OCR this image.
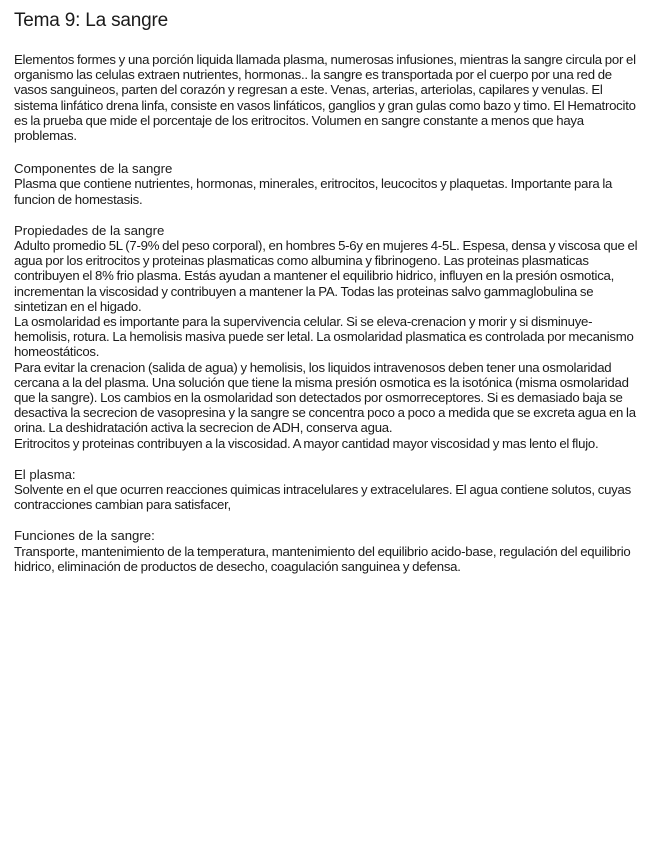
Tema 9: La sangre

Elementos formes y una porción liquida llamada plasma, numerosas infusiones, mientras la sangre circula por el organismo las celulas extraen nutrientes, hormonas.. la sangre es transportada por el cuerpo por una red de vasos sanguineos, parten del corazón y regresan a este. Venas, arterias, arteriolas, capilares y venulas. El sistema linfático drena linfa, consiste en vasos linfáticos, ganglios y gran gulas como bazo y timo. El Hematrocito es la prueba que mide el porcentaje de los eritrocitos. Volumen en sangre constante a menos que haya problemas.

Componentes de la sangre

Plasma que contiene nutrientes, hormonas, minerales, eritrocitos, leucocitos y plaquetas. Importante para la funcion de homestasis.

Propiedades de la sangre

Adulto promedio 5L (7-9% del peso corporal), en hombres 5-6y en mujeres 4-5L. Espesa, densa y viscosa que el agua por los eritrocitos y proteinas plasmaticas como albumina y fibrinogeno. Las proteinas plasmaticas contribuyen el 8% frio plasma. Estás ayudan a mantener el equilibrio hidrico, influyen en la presión osmotica, incrementan la viscosidad y contribuyen a mantener la PA. Todas las proteinas salvo gammaglobulina se sintetizan en el higado.

La osmolaridad es importante para la supervivencia celular. Si se eleva-crenacion y morir y si disminuye-hemolisis, rotura. La hemolisis masiva puede ser letal. La osmolaridad plasmatica es controlada por mecanismo homeostáticos.

Para evitar la crenacion (salida de agua) y hemolisis, los liquidos intravenosos deben tener una osmolaridad cercana a la del plasma. Una solución que tiene la misma presión osmotica es la isotónica (misma osmolaridad que la sangre). Los cambios en la osmolaridad son detectados por osmorreceptores. Si es demasiado baja se desactiva la secrecion de vasopresina y la sangre se concentra poco a poco a medida que se excreta agua en la orina. La deshidratación activa la secrecion de ADH, conserva agua.

Eritrocitos y proteinas contribuyen a la viscosidad. A mayor cantidad mayor viscosidad y mas lento el flujo.

El plasma:

Solvente en el que ocurren reacciones quimicas intracelulares y extracelulares. El agua contiene solutos, cuyas contracciones cambian para satisfacer,

Funciones de la sangre:

Transporte, mantenimiento de la temperatura, mantenimiento del equilibrio acido-base, regulación del equilibrio hidrico, eliminación de productos de desecho, coagulación sanguinea y defensa.
